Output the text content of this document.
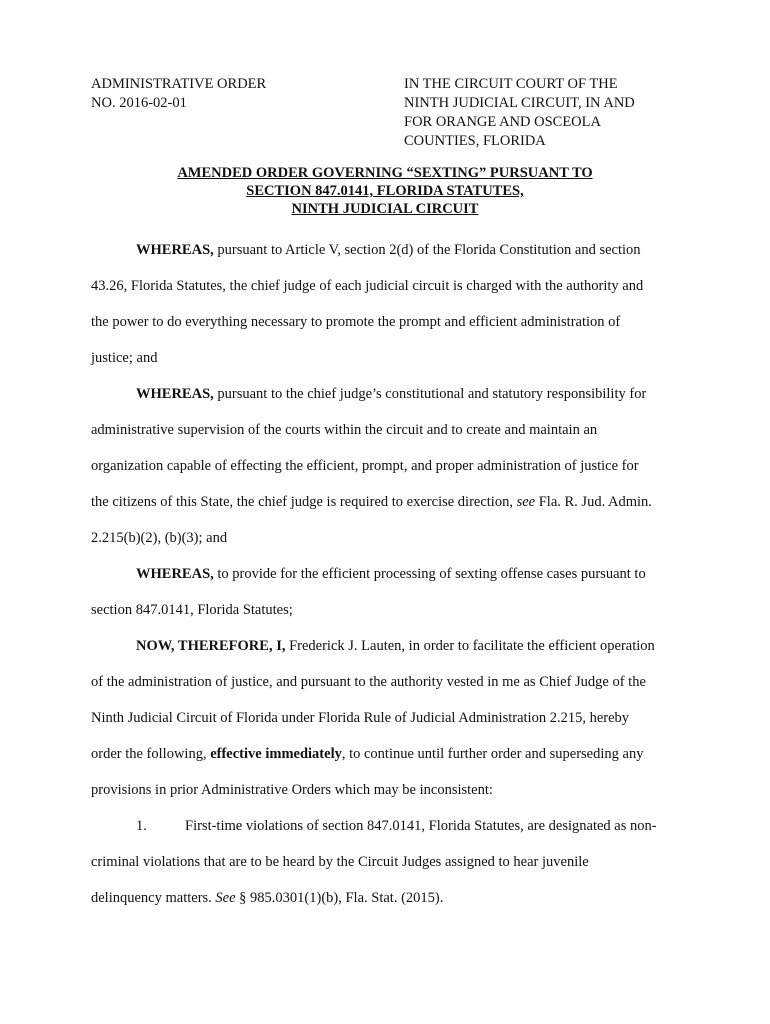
ADMINISTRATIVE ORDER
NO. 2016-02-01
IN THE CIRCUIT COURT OF THE
NINTH JUDICIAL CIRCUIT, IN AND
FOR ORANGE AND OSCEOLA
COUNTIES, FLORIDA
AMENDED ORDER GOVERNING “SEXTING” PURSUANT TO
SECTION 847.0141, FLORIDA STATUTES,
NINTH JUDICIAL CIRCUIT
WHEREAS, pursuant to Article V, section 2(d) of the Florida Constitution and section
43.26, Florida Statutes, the chief judge of each judicial circuit is charged with the authority and
the power to do everything necessary to promote the prompt and efficient administration of
justice; and
WHEREAS, pursuant to the chief judge’s constitutional and statutory responsibility for
administrative supervision of the courts within the circuit and to create and maintain an
organization capable of effecting the efficient, prompt, and proper administration of justice for
the citizens of this State, the chief judge is required to exercise direction, see Fla. R. Jud. Admin.
2.215(b)(2), (b)(3); and
WHEREAS, to provide for the efficient processing of sexting offense cases pursuant to
section 847.0141, Florida Statutes;
NOW, THEREFORE, I, Frederick J. Lauten, in order to facilitate the efficient operation
of the administration of justice, and pursuant to the authority vested in me as Chief Judge of the
Ninth Judicial Circuit of Florida under Florida Rule of Judicial Administration 2.215, hereby
order the following, effective immediately, to continue until further order and superseding any
provisions in prior Administrative Orders which may be inconsistent:
1.	First-time violations of section 847.0141, Florida Statutes, are designated as non-
criminal violations that are to be heard by the Circuit Judges assigned to hear juvenile
delinquency matters. See § 985.0301(1)(b), Fla. Stat. (2015).
